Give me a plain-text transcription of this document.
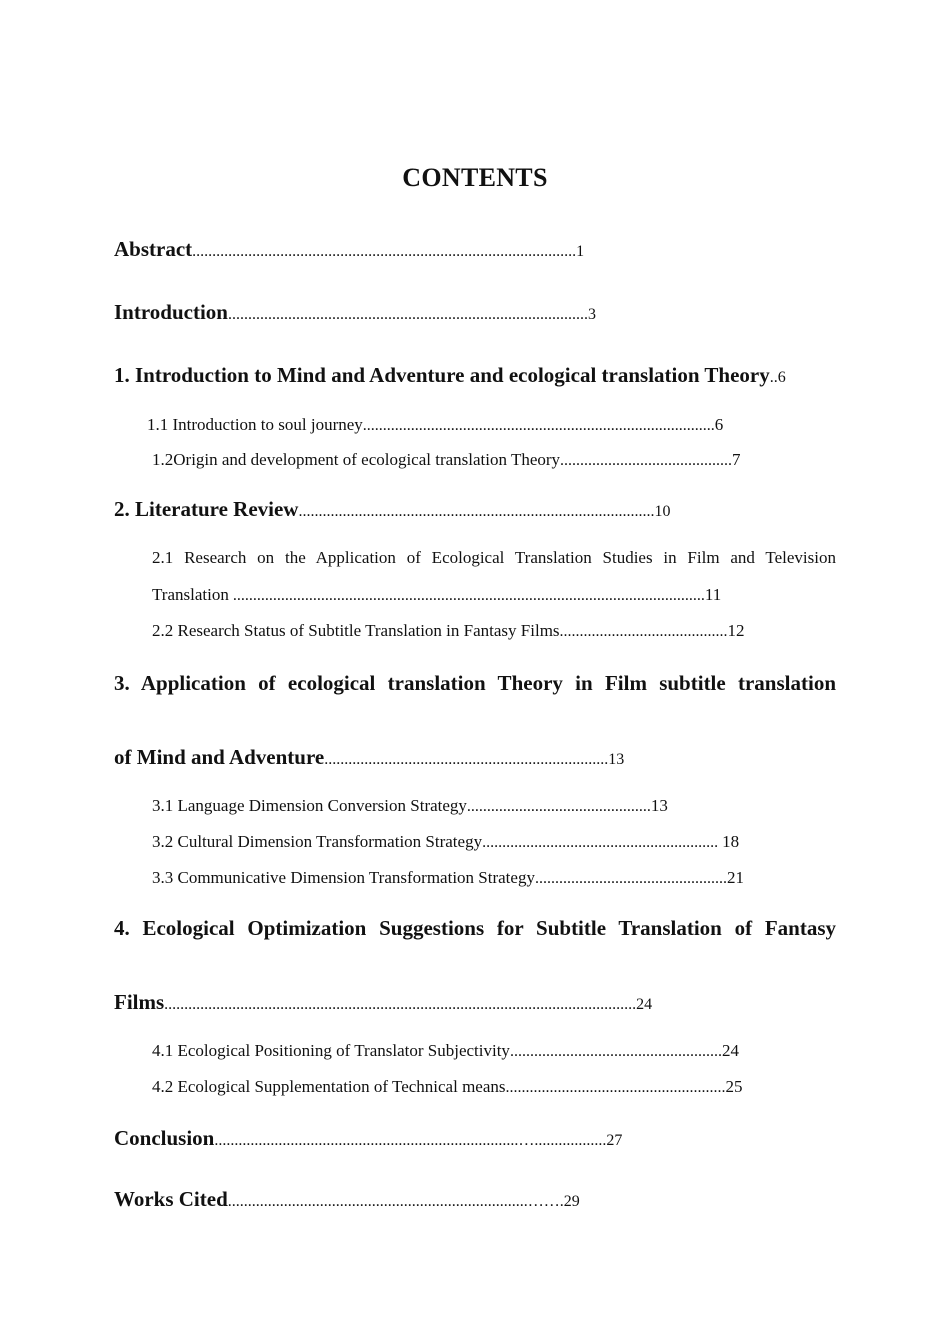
CONTENTS
Abstract................................................................................................1
Introduction..........................................................................................3
1. Introduction to Mind and Adventure and ecological translation Theory..6
1.1 Introduction to soul journey........................................................................................6
1.2Origin and development of ecological translation Theory...........................................7
2. Literature Review.........................................................................................10
2.1 Research on the Application of Ecological Translation Studies in Film and Television
Translation ......................................................................................................................11
2.2 Research Status of Subtitle Translation in Fantasy Films..........................................12
3. Application of ecological translation Theory in Film subtitle translation
of Mind and Adventure.......................................................................13
3.1 Language Dimension Conversion Strategy..............................................13
3.2 Cultural Dimension Transformation Strategy........................................................... 18
3.3 Communicative Dimension Transformation Strategy................................................21
4. Ecological Optimization Suggestions for Subtitle Translation of Fantasy
Films......................................................................................................................24
4.1 Ecological Positioning of Translator Subjectivity.....................................................24
4.2 Ecological Supplementation of Technical means.......................................................25
Conclusion............................................................................…..................27
Works Cited...........................................................................…….29
